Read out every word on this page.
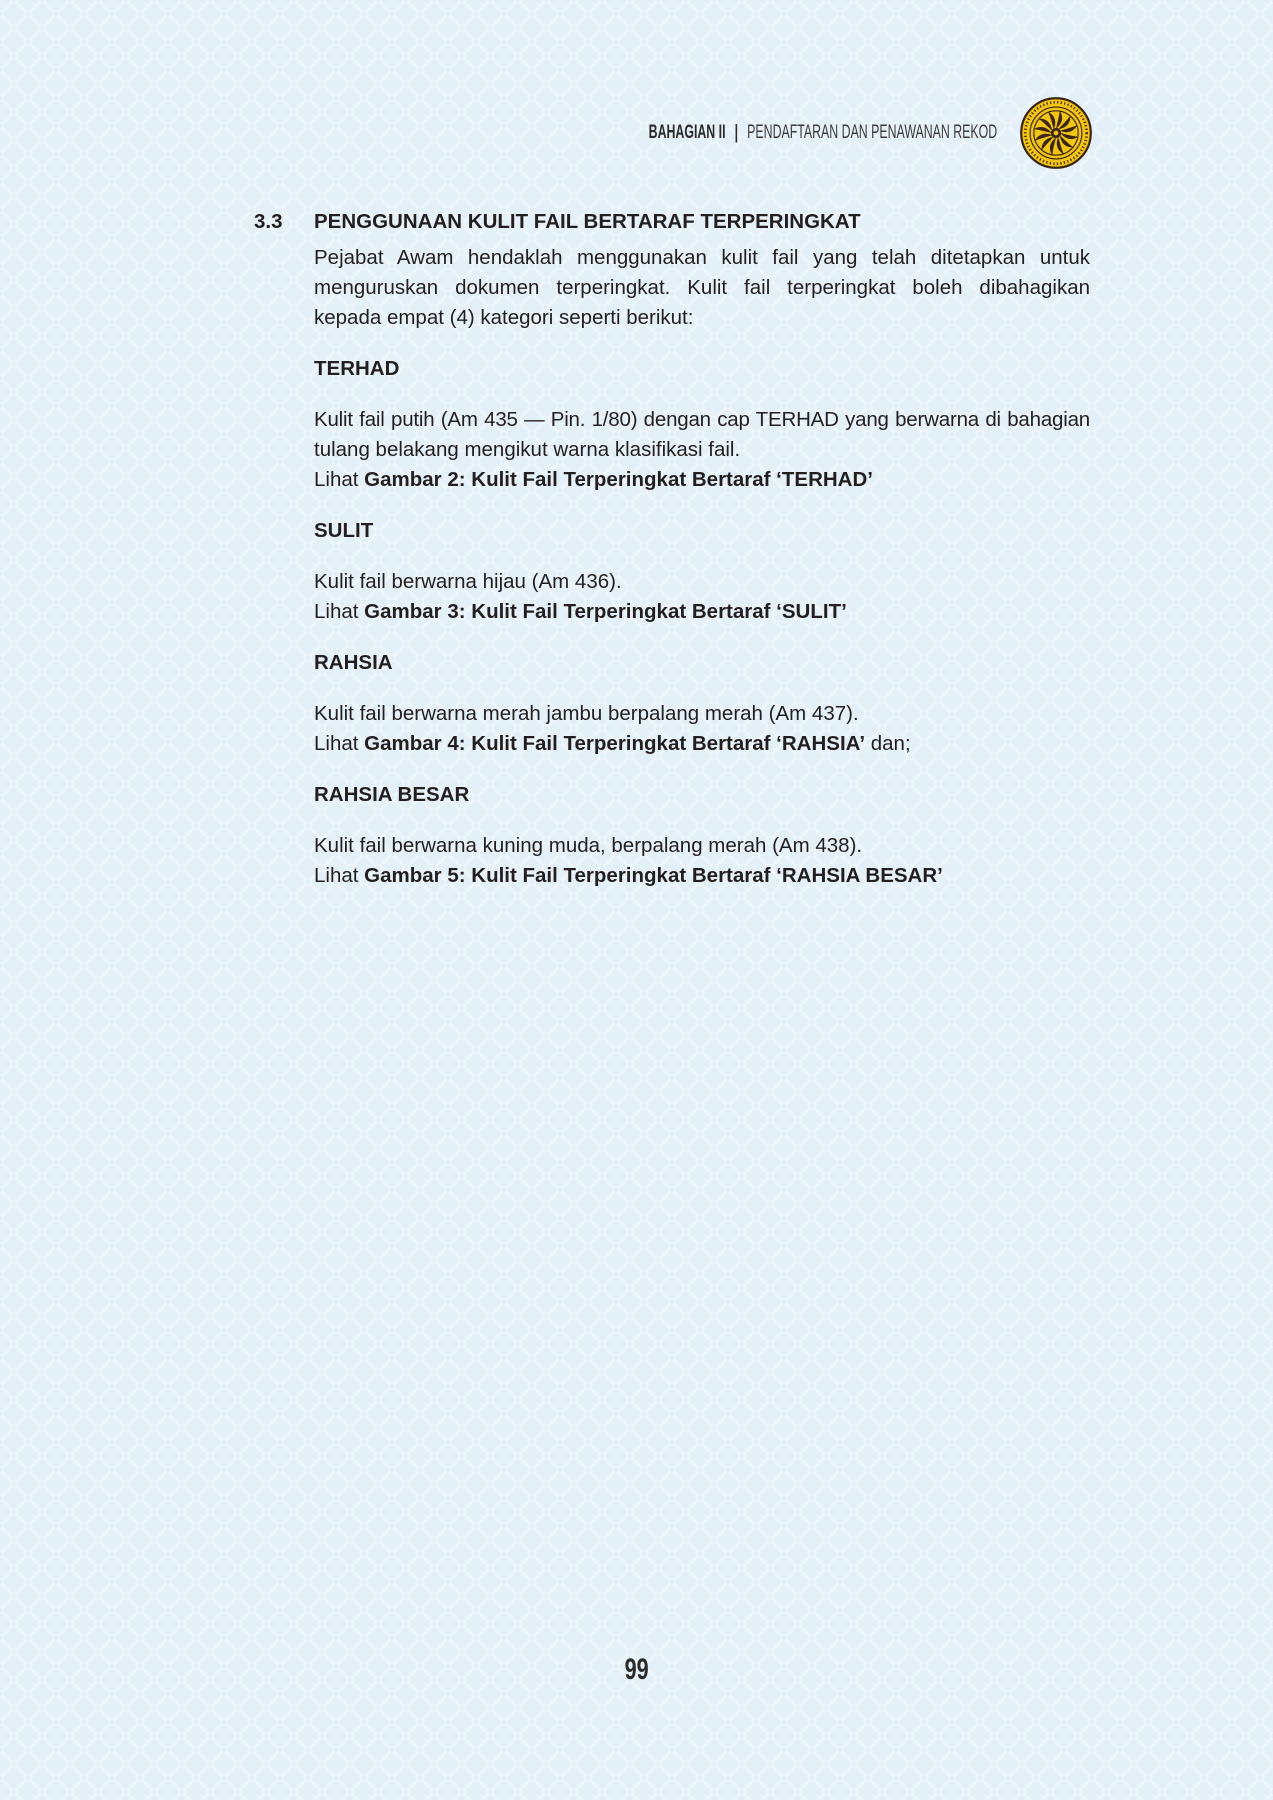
BAHAGIAN II | PENDAFTARAN DAN PENAWANAN REKOD
3.3 PENGGUNAAN KULIT FAIL BERTARAF TERPERINGKAT
Pejabat Awam hendaklah menggunakan kulit fail yang telah ditetapkan untuk
menguruskan dokumen terperingkat. Kulit fail terperingkat boleh dibahagikan
kepada empat (4) kategori seperti berikut:
TERHAD
Kulit fail putih (Am 435 — Pin. 1/80) dengan cap TERHAD yang berwarna di bahagian
tulang belakang mengikut warna klasifikasi fail.
Lihat Gambar 2: Kulit Fail Terperingkat Bertaraf ‘TERHAD’
SULIT
Kulit fail berwarna hijau (Am 436).
Lihat Gambar 3: Kulit Fail Terperingkat Bertaraf ‘SULIT’
RAHSIA
Kulit fail berwarna merah jambu berpalang merah (Am 437).
Lihat Gambar 4: Kulit Fail Terperingkat Bertaraf ‘RAHSIA’ dan;
RAHSIA BESAR
Kulit fail berwarna kuning muda, berpalang merah (Am 438).
Lihat Gambar 5: Kulit Fail Terperingkat Bertaraf ‘RAHSIA BESAR’
99
